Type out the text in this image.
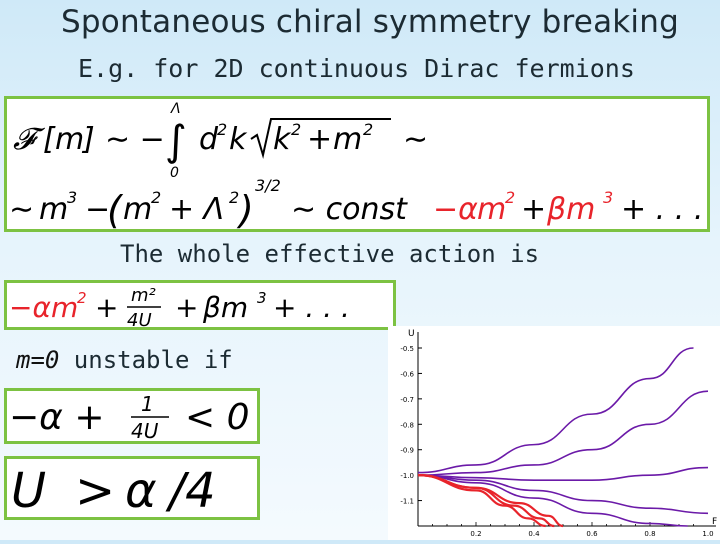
Spontaneous chiral symmetry breaking
E.g. for 2D continuous Dirac fermions
𝓕 [ m
] ∼ −
Λ
∫
0
d
2 k k 2 + m 2 ∼
∼ m
3 −
( m
2 + Λ 2 )
3/2
∼ const −α m
2 + βm 3 + . . .
The whole effective action is
−α m
2 + m²
4U + βm 3 + . . .
m=0 unstable if
−α + 1
4U < 0
U > α /4
U
F
-0.5
-0.6
-0.7
-0.8
-0.9
-1.0
-1.1
0.2	0.4	0.6	0.8	1.0
